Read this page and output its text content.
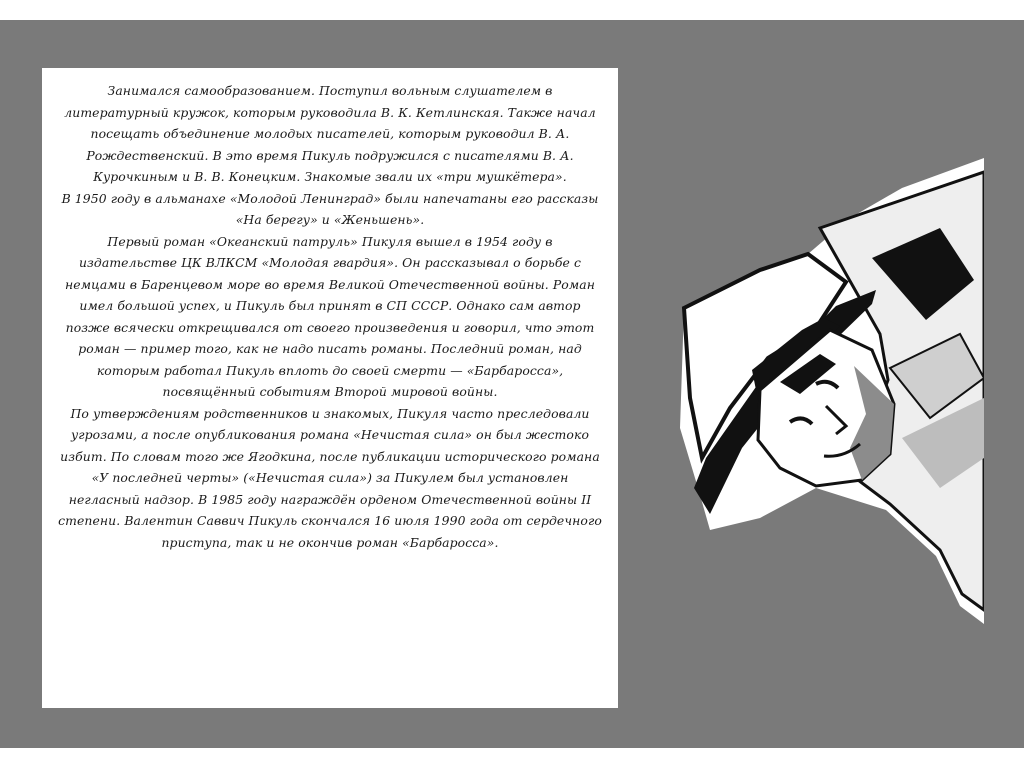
Занимался самообразованием. Поступил вольным слушателем в литературный кружок, которым руководила В. К. Кетлинская. Также начал посещать объединение молодых писателей, которым руководил В. А. Рождественский. В это время Пикуль подружился с писателями В. А. Курочкиным и В. В. Конецким. Знакомые звали их «три мушкётера».

В 1950 году в альманахе «Молодой Ленинград» были напечатаны его рассказы «На берегу» и «Женьшень».

Первый роман «Океанский патруль» Пикуля вышел в 1954 году в издательстве ЦК ВЛКСМ «Молодая гвардия». Он рассказывал о борьбе с немцами в Баренцевом море во время Великой Отечественной войны. Роман имел большой успех, и Пикуль был принят в СП СССР. Однако сам автор позже всячески открещивался от своего произведения и говорил, что этот роман — пример того, как не надо писать романы. Последний роман, над которым работал Пикуль вплоть до своей смерти — «Барбаросса», посвящённый событиям Второй мировой войны.

По утверждениям родственников и знакомых, Пикуля часто преследовали угрозами, а после опубликования романа «Нечистая сила» он был жестоко избит. По словам того же Ягодкина, после публикации исторического романа «У последней черты» («Нечистая сила») за Пикулем был установлен негласный надзор. В 1985 году награждён орденом Отечественной войны II степени. Валентин Саввич Пикуль скончался 16 июля 1990 года от сердечного приступа, так и не окончив роман «Барбаросса».
